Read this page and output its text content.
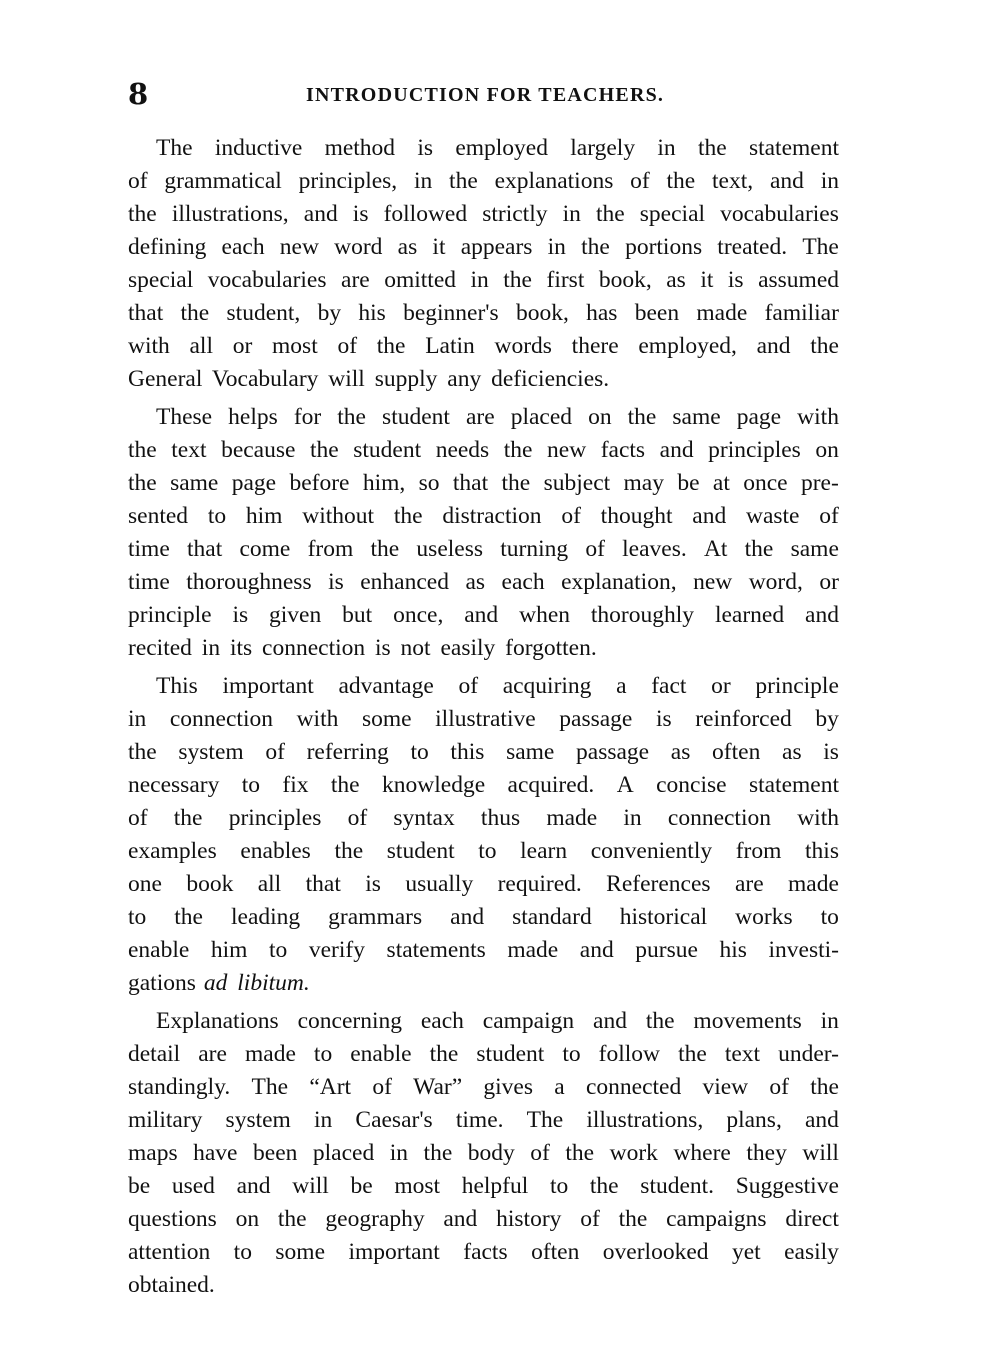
8	INTRODUCTION FOR TEACHERS.
The inductive method is employed largely in the statement
of grammatical principles, in the explanations of the text, and in
the illustrations, and is followed strictly in the special vocabularies
defining each new word as it appears in the portions treated. The
special vocabularies are omitted in the first book, as it is assumed
that the student, by his beginner's book, has been made familiar
with all or most of the Latin words there employed, and the
General Vocabulary will supply any deficiencies.
These helps for the student are placed on the same page with
the text because the student needs the new facts and principles on
the same page before him, so that the subject may be at once pre-
sented to him without the distraction of thought and waste of
time that come from the useless turning of leaves. At the same
time thoroughness is enhanced as each explanation, new word, or
principle is given but once, and when thoroughly learned and
recited in its connection is not easily forgotten.
This important advantage of acquiring a fact or principle
in connection with some illustrative passage is reinforced by
the system of referring to this same passage as often as is
necessary to fix the knowledge acquired. A concise statement
of the principles of syntax thus made in connection with
examples enables the student to learn conveniently from this
one book all that is usually required. References are made
to the leading grammars and standard historical works to
enable him to verify statements made and pursue his investi-
gations ad libitum.
Explanations concerning each campaign and the movements in
detail are made to enable the student to follow the text under-
standingly. The “Art of War” gives a connected view of the
military system in Caesar's time. The illustrations, plans, and
maps have been placed in the body of the work where they will
be used and will be most helpful to the student. Suggestive
questions on the geography and history of the campaigns direct
attention to some important facts often overlooked yet easily
obtained.
